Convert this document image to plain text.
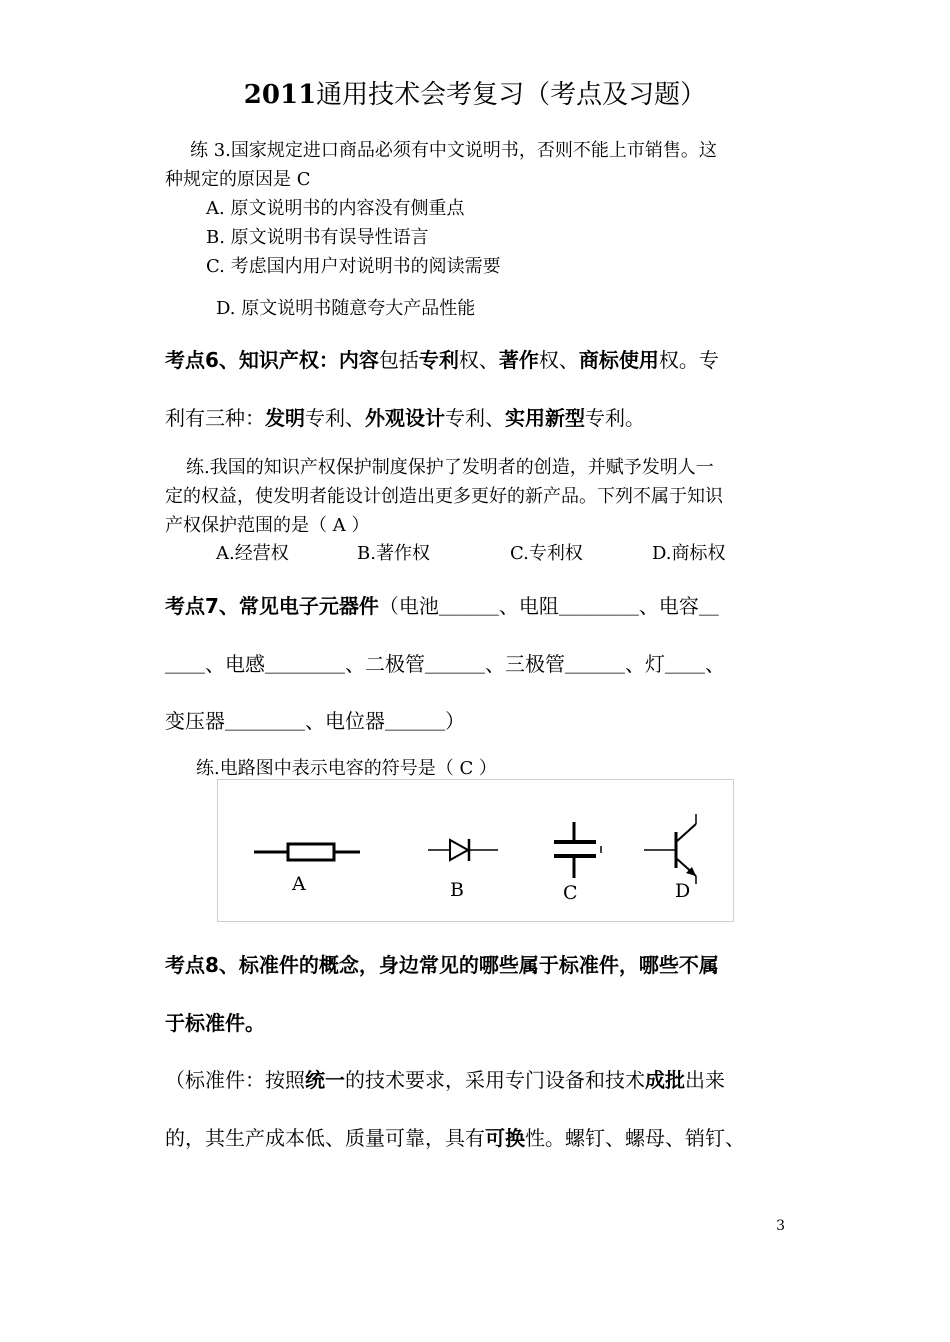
2011通用技术会考复习（考点及习题）
练 3.国家规定进口商品必须有中文说明书，否则不能上市销售。这
种规定的原因是 C
A. 原文说明书的内容没有侧重点
B. 原文说明书有误导性语言
C. 考虑国内用户对说明书的阅读需要
D. 原文说明书随意夸大产品性能
考点6、知识产权：内容包括专利权、著作权、商标使用权。专
利有三种：发明专利、外观设计专利、实用新型专利。
练.我国的知识产权保护制度保护了发明者的创造，并赋予发明人一
定的权益，使发明者能设计创造出更多更好的新产品。下列不属于知识
产权保护范围的是（ A ）
A.经营权	B.著作权	C.专利权	D.商标权
考点7、常见电子元器件（电池＿＿＿、电阻＿＿＿＿、电容＿
＿＿、电感＿＿＿＿、二极管＿＿＿、三极管＿＿＿、灯＿＿、
变压器＿＿＿＿、电位器＿＿＿）
练.电路图中表示电容的符号是（ C ）
A	B	C	D
考点8、标准件的概念，身边常见的哪些属于标准件，哪些不属
于标准件。
（标准件：按照统一的技术要求，采用专门设备和技术成批出来
的，其生产成本低、质量可靠，具有可换性。螺钉、螺母、销钉、
3
